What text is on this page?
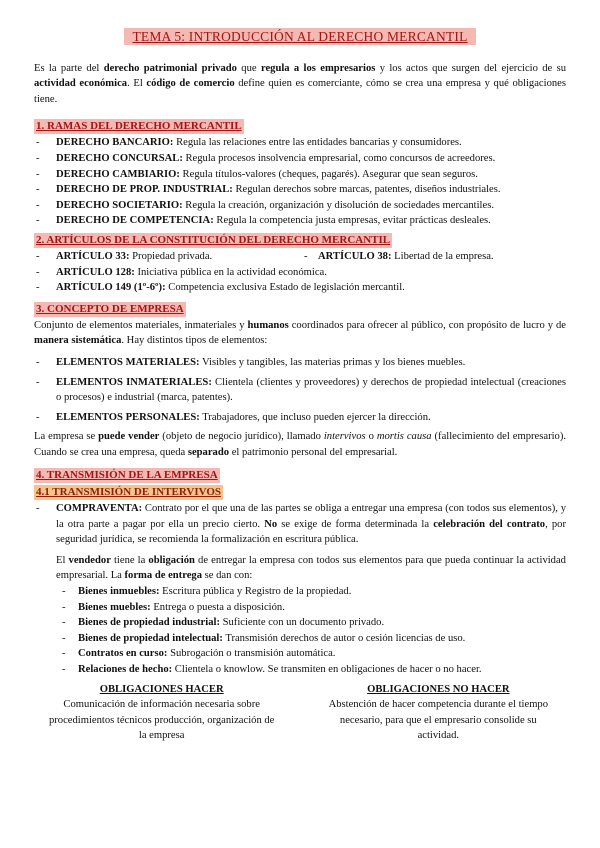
TEMA 5: INTRODUCCIÓN AL DERECHO MERCANTIL

Es la parte del derecho patrimonial privado que regula a los empresarios y los actos que surgen del ejercicio de su actividad económica. El código de comercio define quien es comerciante, cómo se crea una empresa y qué obligaciones tiene.

1. RAMAS DEL DERECHO MERCANTIL
- DERECHO BANCARIO: Regula las relaciones entre las entidades bancarias y consumidores.
- DERECHO CONCURSAL: Regula procesos insolvencia empresarial, como concursos de acreedores.
- DERECHO CAMBIARIO: Regula títulos-valores (cheques, pagarés). Asegurar que sean seguros.
- DERECHO DE PROP. INDUSTRIAL: Regulan derechos sobre marcas, patentes, diseños industriales.
- DERECHO SOCIETARIO: Regula la creación, organización y disolución de sociedades mercantiles.
- DERECHO DE COMPETENCIA: Regula la competencia justa empresas, evitar prácticas desleales.
2. ARTÍCULOS DE LA CONSTITUCIÓN DEL DERECHO MERCANTIL
- ARTÍCULO 33: Propiedad privada.	- ARTÍCULO 38: Libertad de la empresa.
- ARTÍCULO 128: Iniciativa pública en la actividad económica.
- ARTÍCULO 149 (1º-6º): Competencia exclusiva Estado de legislación mercantil.
3. CONCEPTO DE EMPRESA

Conjunto de elementos materiales, inmateriales y humanos coordinados para ofrecer al público, con propósito de lucro y de manera sistemática. Hay distintos tipos de elementos:

- ELEMENTOS MATERIALES: Visibles y tangibles, las materias primas y los bienes muebles.
- ELEMENTOS INMATERIALES: Clientela (clientes y proveedores) y derechos de propiedad intelectual (creaciones o procesos) e industrial (marca, patentes).
- ELEMENTOS PERSONALES: Trabajadores, que incluso pueden ejercer la dirección.

La empresa se puede vender (objeto de negocio jurídico), llamado intervivos o mortis causa (fallecimiento del empresario). Cuando se crea una empresa, queda separado el patrimonio personal del empresarial.

4. TRANSMISIÓN DE LA EMPRESA
4.1 TRANSMISIÓN DE INTERVIVOS
- COMPRAVENTA: Contrato por el que una de las partes se obliga a entregar una empresa (con todos sus elementos), y la otra parte a pagar por ella un precio cierto. No se exige de forma determinada la celebración del contrato, por seguridad jurídica, se recomienda la formalización en escritura pública.

El vendedor tiene la obligación de entregar la empresa con todos sus elementos para que pueda continuar la actividad empresarial. La forma de entrega se dan con:

- Bienes inmuebles: Escritura pública y Registro de la propiedad.
- Bienes muebles: Entrega o puesta a disposición.
- Bienes de propiedad industrial: Suficiente con un documento privado.
- Bienes de propiedad intelectual: Transmisión derechos de autor o cesión licencias de uso.
- Contratos en curso: Subrogación o transmisión automática.
- Relaciones de hecho: Clientela o knowlow. Se transmiten en obligaciones de hacer o no hacer.
OBLIGACIONES HACER
Comunicación de información necesaria sobre procedimientos técnicos producción, organización de la empresa
OBLIGACIONES NO HACER
Abstención de hacer competencia durante el tiempo necesario, para que el empresario consolide su actividad.
